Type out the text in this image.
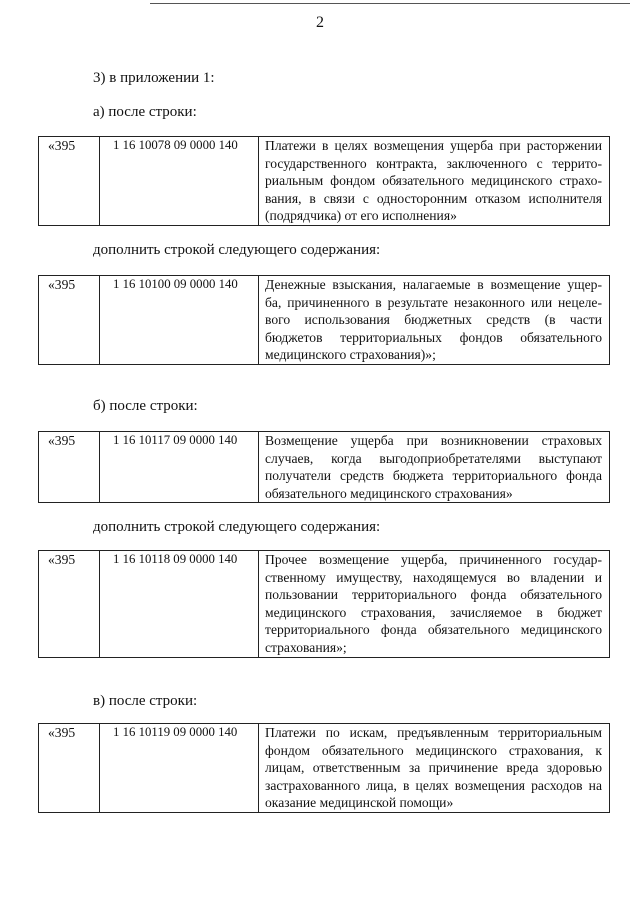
2
3) в приложении 1:
а) после строки:
«395	1 16 10078 09 0000 140	Платежи в целях возмещения ущерба при расторжении
государственного контракта, заключенного с террито-
риальным фондом обязательного медицинского страхо-
вания, в связи с односторонним отказом исполнителя
(подрядчика) от его исполнения»
дополнить строкой следующего содержания:
«395	1 16 10100 09 0000 140	Денежные взыскания, налагаемые в возмещение ущер-
ба, причиненного в результате незаконного или нецеле-
вого использования бюджетных средств (в части
бюджетов территориальных фондов обязательного
медицинского страхования)»;
б) после строки:
«395	1 16 10117 09 0000 140	Возмещение ущерба при возникновении страховых
случаев, когда выгодоприобретателями выступают
получатели средств бюджета территориального фонда
обязательного медицинского страхования»
дополнить строкой следующего содержания:
«395	1 16 10118 09 0000 140	Прочее возмещение ущерба, причиненного государ-
ственному имуществу, находящемуся во владении и
пользовании территориального фонда обязательного
медицинского страхования, зачисляемое в бюджет
территориального фонда обязательного медицинского
страхования»;
в) после строки:
«395	1 16 10119 09 0000 140	Платежи по искам, предъявленным территориальным
фондом обязательного медицинского страхования, к
лицам, ответственным за причинение вреда здоровью
застрахованного лица, в целях возмещения расходов на
оказание медицинской помощи»
